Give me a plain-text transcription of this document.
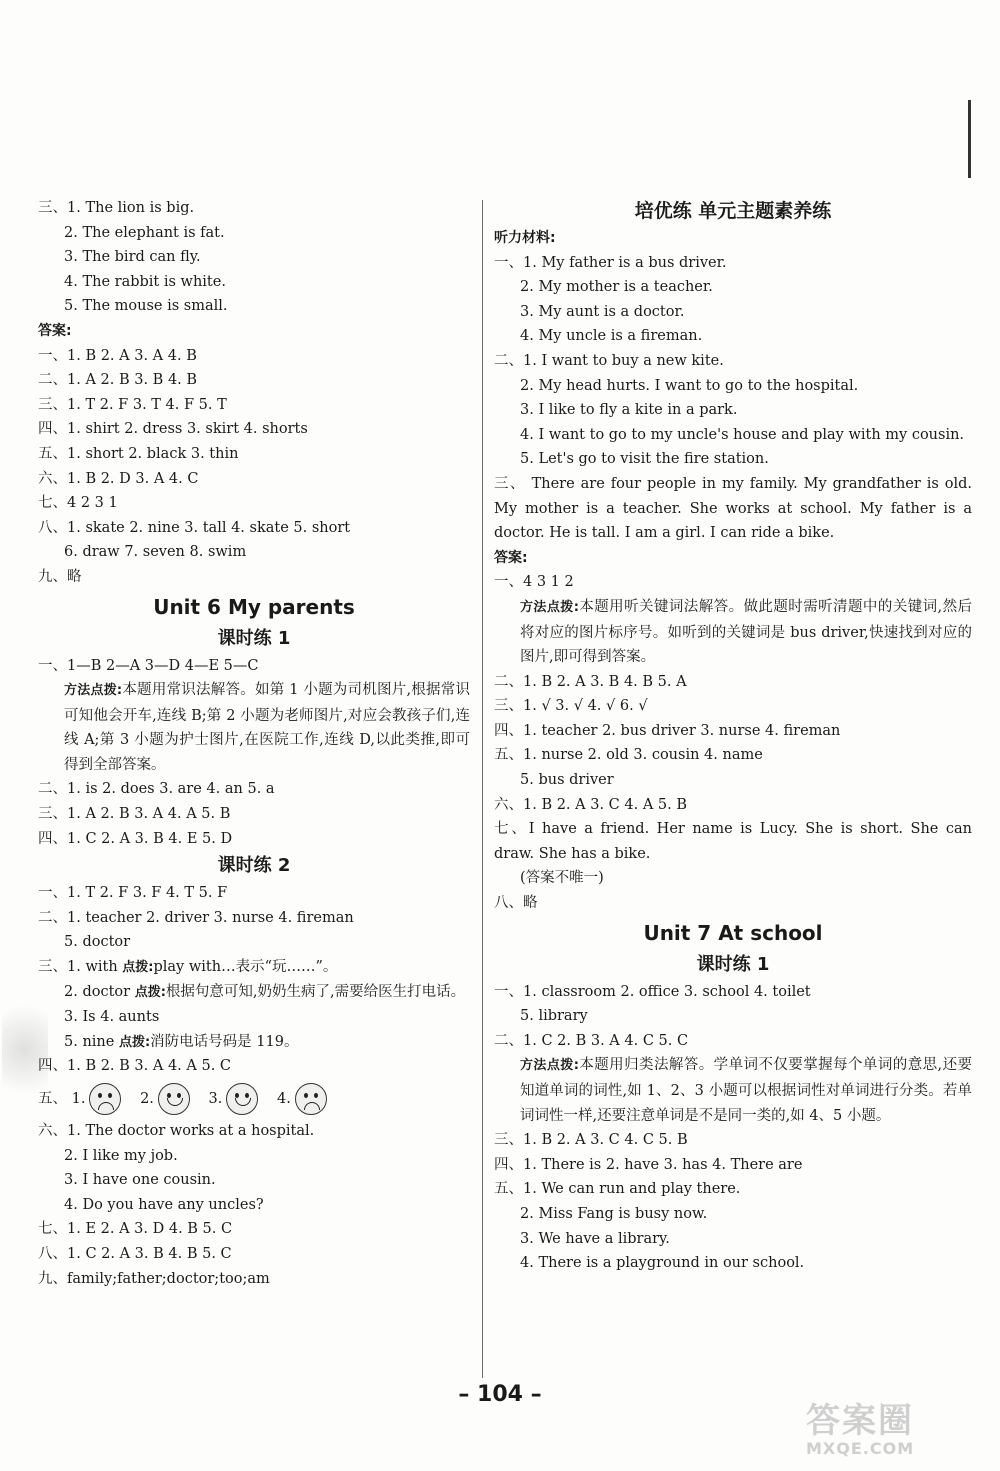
三、1. The lion is big.
2. The elephant is fat.
3. The bird can fly.
4. The rabbit is white.
5. The mouse is small.
答案:
一、1. B 2. A 3. A 4. B
二、1. A 2. B 3. B 4. B
三、1. T 2. F 3. T 4. F 5. T
四、1. shirt 2. dress 3. skirt 4. shorts
五、1. short 2. black 3. thin
六、1. B 2. D 3. A 4. C
七、4 2 3 1
八、1. skate 2. nine 3. tall 4. skate 5. short
6. draw 7. seven 8. swim
九、略
Unit 6 My parents
课时练 1
一、1—B 2—A 3—D 4—E 5—C
方法点拨:本题用常识法解答。如第 1 小题为司机图片,根据常识可知他会开车,连线 B;第 2 小题为老师图片,对应会教孩子们,连线 A;第 3 小题为护士图片,在医院工作,连线 D,以此类推,即可得到全部答案。
二、1. is 2. does 3. are 4. an 5. a
三、1. A 2. B 3. A 4. A 5. B
四、1. C 2. A 3. B 4. E 5. D
课时练 2
一、1. T 2. F 3. F 4. T 5. F
二、1. teacher 2. driver 3. nurse 4. fireman
5. doctor
三、1. with 点拨:play with…表示“玩……”。
2. doctor 点拨:根据句意可知,奶奶生病了,需要给医生打电话。
3. Is 4. aunts
5. nine 点拨:消防电话号码是 119。
四、1. B 2. B 3. A 4. A 5. C
五、 1.
	2.
	3.
	4.
六、1. The doctor works at a hospital.
2. I like my job.
3. I have one cousin.
4. Do you have any uncles?
七、1. E 2. A 3. D 4. B 5. C
八、1. C 2. A 3. B 4. B 5. C
九、family;father;doctor;too;am
培优练 单元主题素养练
听力材料:
一、1. My father is a bus driver.
2. My mother is a teacher.
3. My aunt is a doctor.
4. My uncle is a fireman.
二、1. I want to buy a new kite.
2. My head hurts. I want to go to the hospital.
3. I like to fly a kite in a park.
4. I want to go to my uncle's house and play with my cousin.
5. Let's go to visit the fire station.
三、 There are four people in my family. My grandfather is old. My mother is a teacher. She works at school. My father is a doctor. He is tall. I am a girl. I can ride a bike.
答案:
一、4 3 1 2
方法点拨:本题用听关键词法解答。做此题时需听清题中的关键词,然后将对应的图片标序号。如听到的关键词是 bus driver,快速找到对应的图片,即可得到答案。
二、1. B 2. A 3. B 4. B 5. A
三、1. √ 3. √ 4. √ 6. √
四、1. teacher 2. bus driver 3. nurse 4. fireman
五、1. nurse 2. old 3. cousin 4. name
5. bus driver
六、1. B 2. A 3. C 4. A 5. B
七、I have a friend. Her name is Lucy. She is short. She can draw. She has a bike.
(答案不唯一)
八、略
Unit 7 At school
课时练 1
一、1. classroom 2. office 3. school 4. toilet
5. library
二、1. C 2. B 3. A 4. C 5. C
方法点拨:本题用归类法解答。学单词不仅要掌握每个单词的意思,还要知道单词的词性,如 1、2、3 小题可以根据词性对单词进行分类。若单词词性一样,还要注意单词是不是同一类的,如 4、5 小题。
三、1. B 2. A 3. C 4. C 5. B
四、1. There is 2. have 3. has 4. There are
五、1. We can run and play there.
2. Miss Fang is busy now.
3. We have a library.
4. There is a playground in our school.
– 104 –
答案圈
MXQE.COM
